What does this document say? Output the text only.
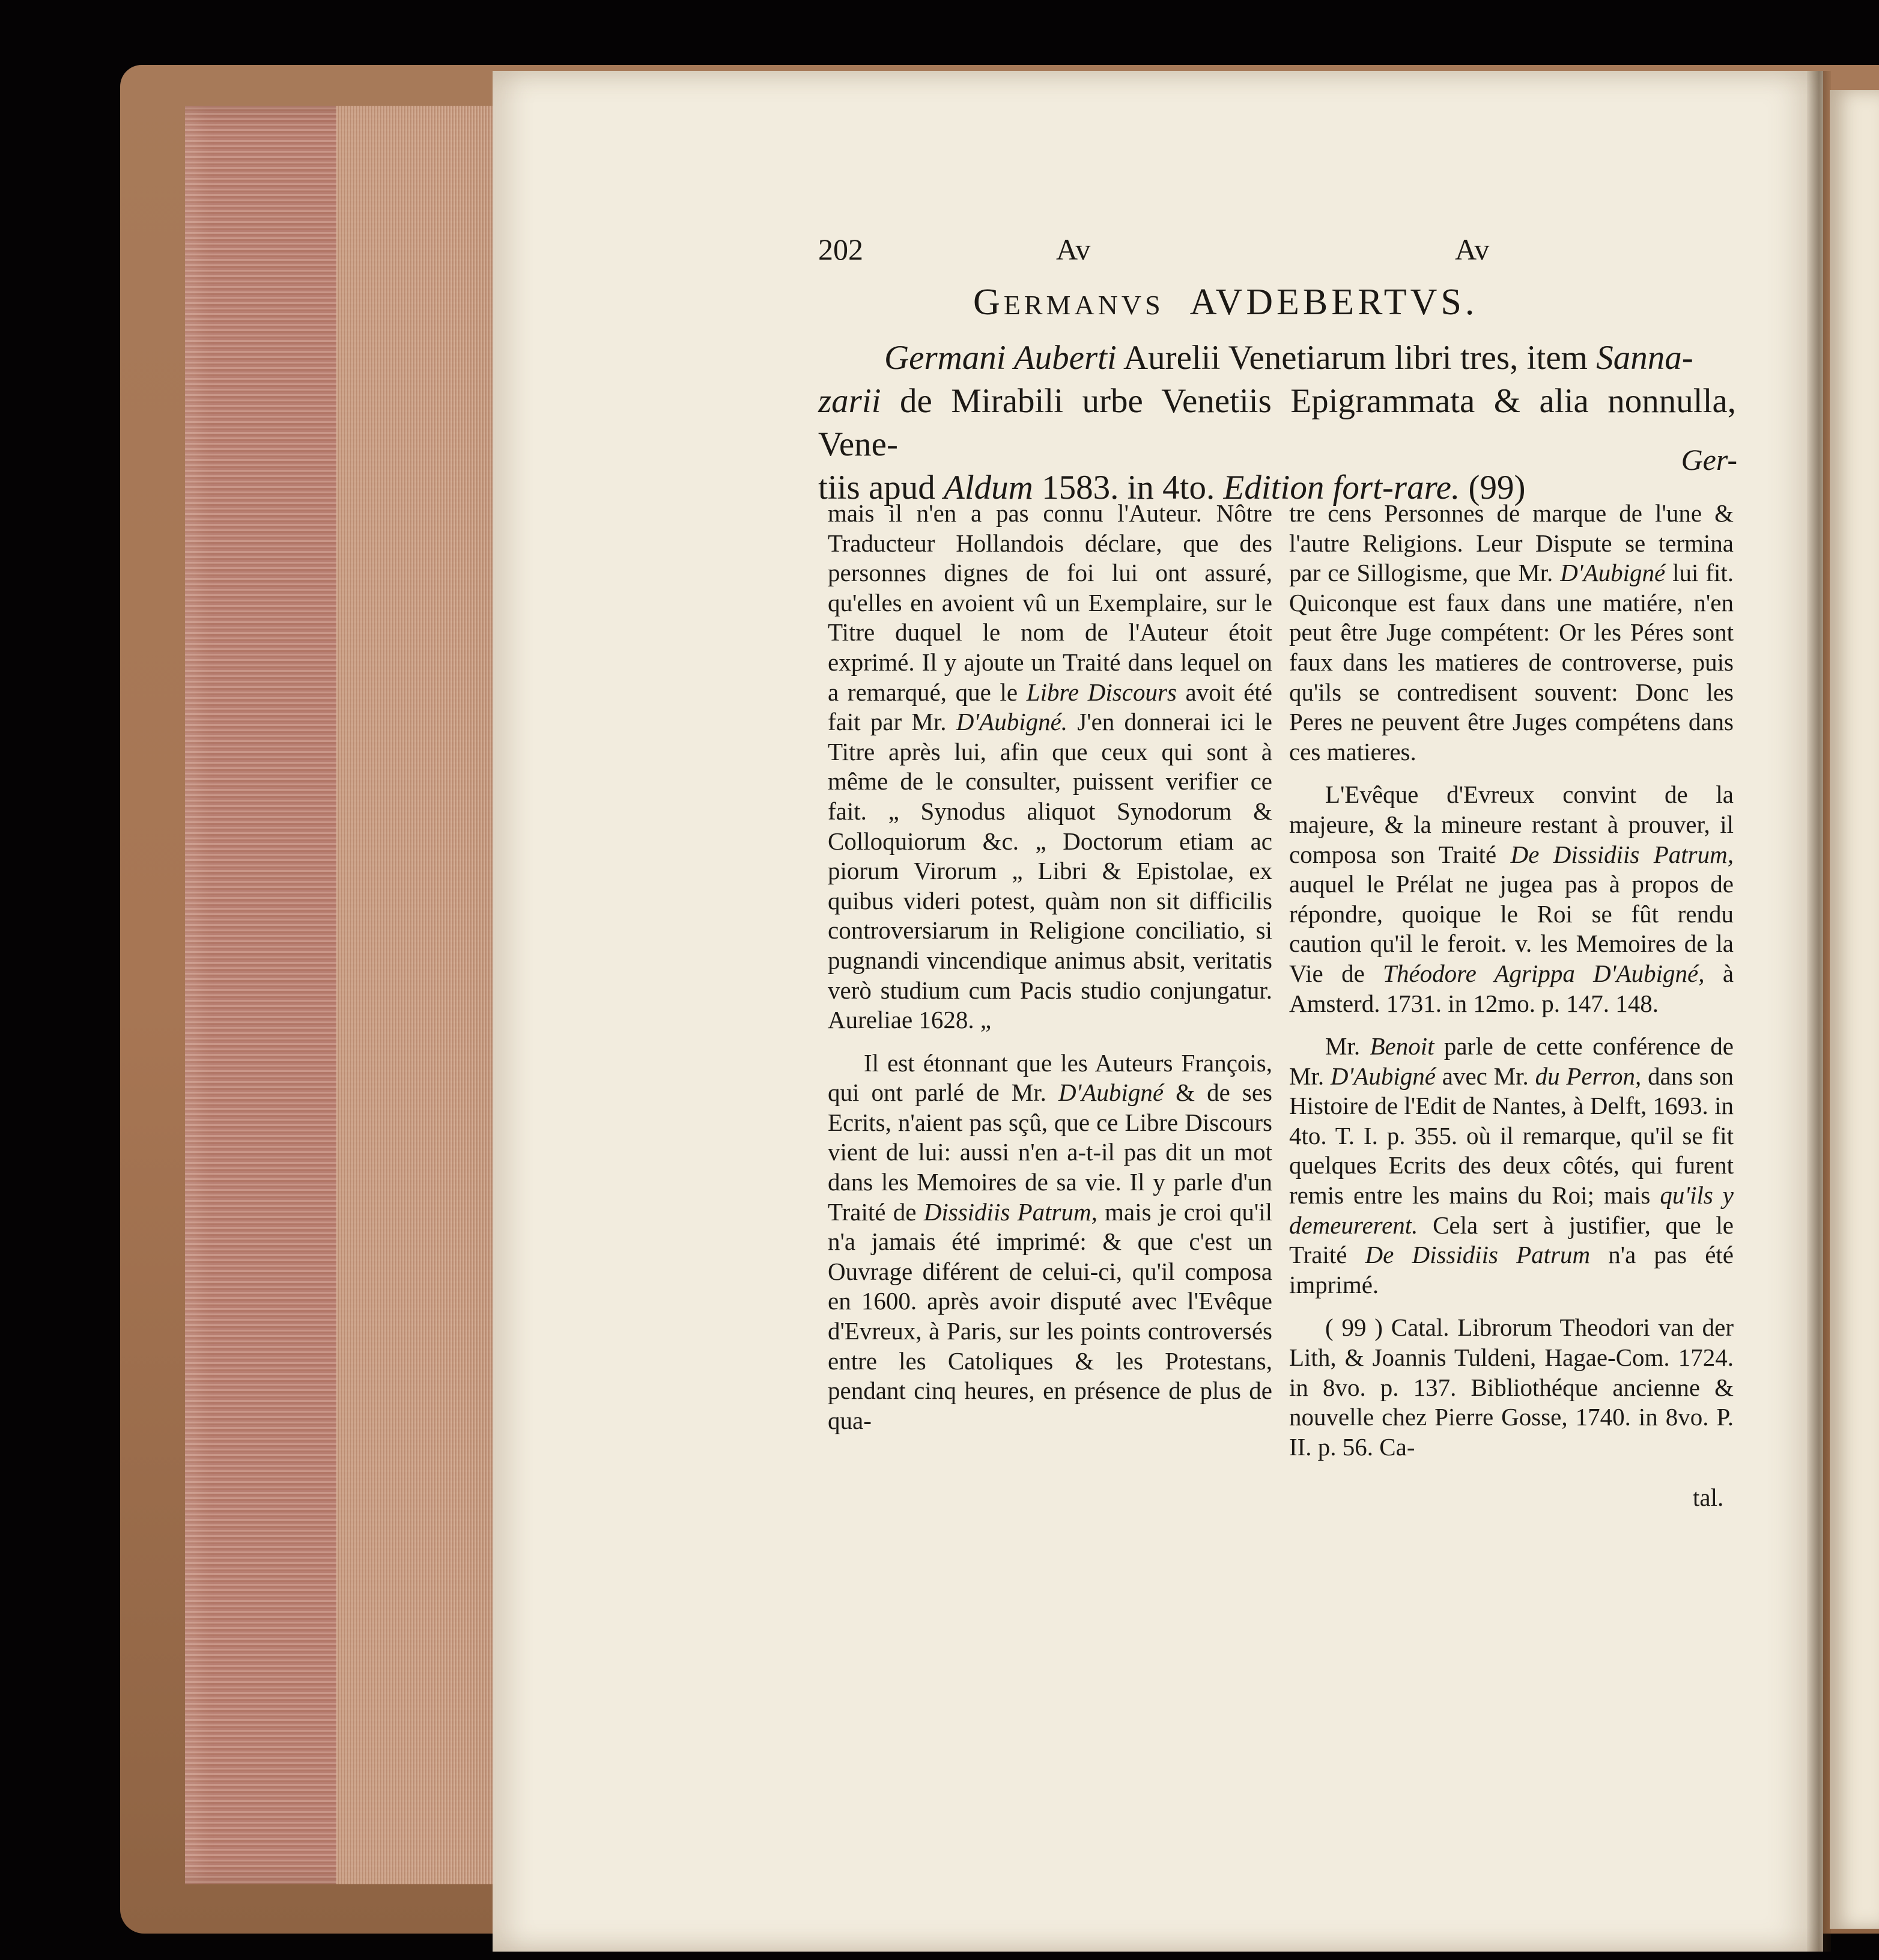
202	Av	Av
GERMANVS AVDEBERTVS.

Germani Auberti Aurelii Venetiarum libri tres, item Sanna-
zarii de Mirabili urbe Venetiis Epigrammata & alia nonnulla, Vene-
tiis apud Aldum 1583. in 4to. Edition fort-rare. (99)

Ger-

mais il n'en a pas connu l'Auteur. Nôtre Traducteur Hollandois déclare, que des personnes dignes de foi lui ont assuré, qu'elles en avoient vû un Exemplaire, sur le Titre duquel le nom de l'Auteur étoit exprimé. Il y ajoute un Traité dans lequel on a remarqué, que le Libre Discours avoit été fait par Mr. D'Aubigné. J'en donnerai ici le Titre après lui, afin que ceux qui sont à même de le consulter, puissent verifier ce fait. „ Synodus aliquot Synodorum & Colloquiorum &c. „ Doctorum etiam ac piorum Virorum „ Libri & Epistolae, ex quibus videri potest, quàm non sit difficilis controversiarum in Religione conciliatio, si pugnandi vincendique animus absit, veritatis verò studium cum Pacis studio conjungatur. Aureliae 1628. „

Il est étonnant que les Auteurs François, qui ont parlé de Mr. D'Aubigné & de ses Ecrits, n'aient pas sçû, que ce Libre Discours vient de lui: aussi n'en a-t-il pas dit un mot dans les Memoires de sa vie. Il y parle d'un Traité de Dissidiis Patrum, mais je croi qu'il n'a jamais été imprimé: & que c'est un Ouvrage diférent de celui-ci, qu'il composa en 1600. après avoir disputé avec l'Evêque d'Evreux, à Paris, sur les points controversés entre les Catoliques & les Protestans, pendant cinq heures, en présence de plus de qua-

tre cens Personnes de marque de l'une & l'autre Religions. Leur Dispute se termina par ce Sillogisme, que Mr. D'Aubigné lui fit. Quiconque est faux dans une matiére, n'en peut être Juge compétent: Or les Péres sont faux dans les matieres de controverse, puis qu'ils se contredisent souvent: Donc les Peres ne peuvent être Juges compétens dans ces matieres.

L'Evêque d'Evreux convint de la majeure, & la mineure restant à prouver, il composa son Traité De Dissidiis Patrum, auquel le Prélat ne jugea pas à propos de répondre, quoique le Roi se fût rendu caution qu'il le feroit. v. les Memoires de la Vie de Théodore Agrippa D'Aubigné, à Amsterd. 1731. in 12mo. p. 147. 148.

Mr. Benoit parle de cette conférence de Mr. D'Aubigné avec Mr. du Perron, dans son Histoire de l'Edit de Nantes, à Delft, 1693. in 4to. T. I. p. 355. où il remarque, qu'il se fit quelques Ecrits des deux côtés, qui furent remis entre les mains du Roi; mais qu'ils y demeurerent. Cela sert à justifier, que le Traité De Dissidiis Patrum n'a pas été imprimé.

( 99 ) Catal. Librorum Theodori van der Lith, & Joannis Tuldeni, Hagae-Com. 1724. in 8vo. p. 137. Bibliothéque ancienne & nouvelle chez Pierre Gosse, 1740. in 8vo. P. II. p. 56. Ca-

tal.
